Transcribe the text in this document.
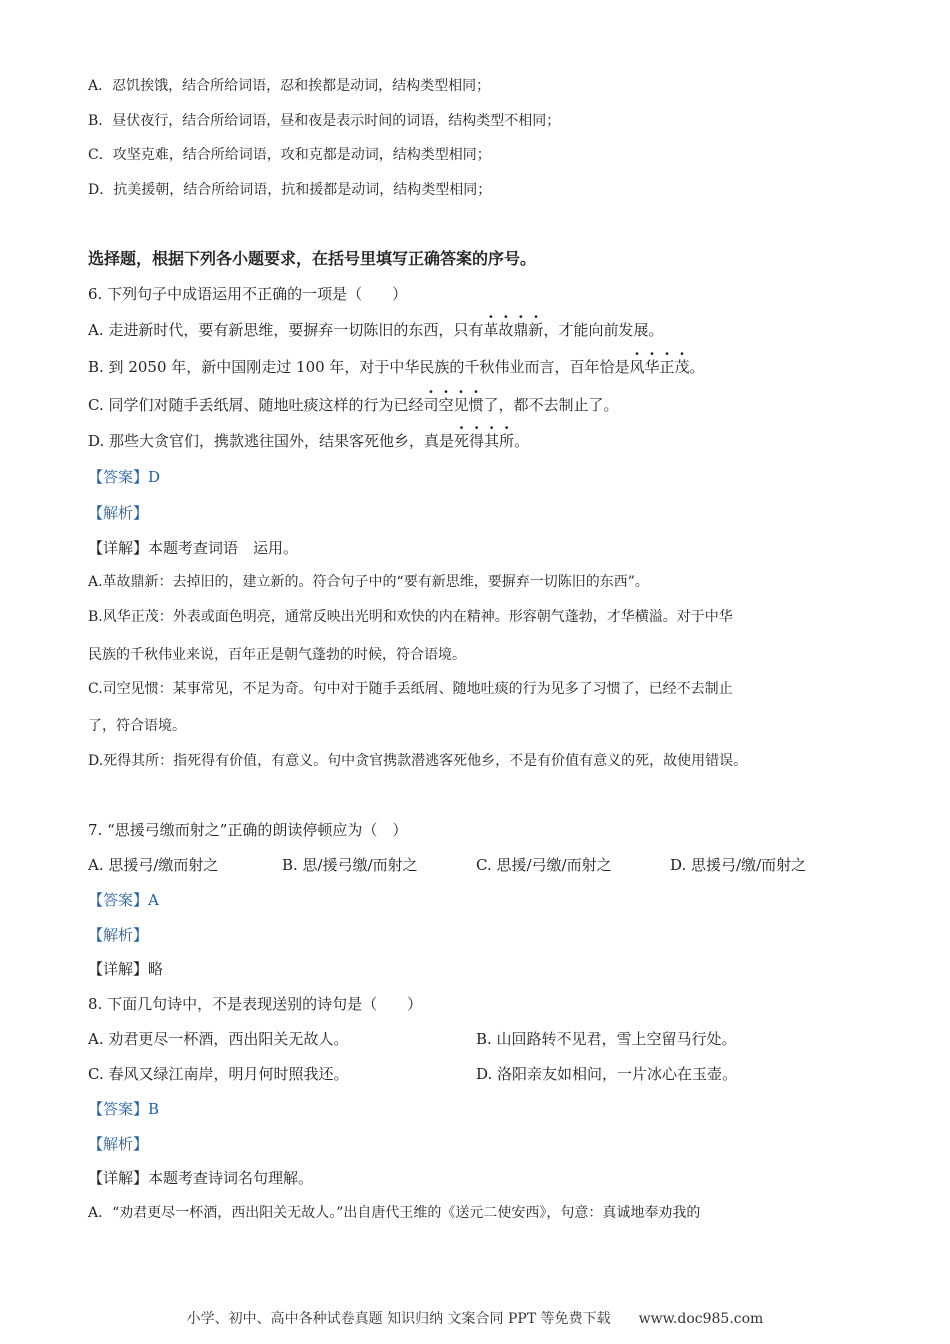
A．忍饥挨饿，结合所给词语，忍和挨都是动词，结构类型相同；
B．昼伏夜行，结合所给词语，昼和夜是表示时间的词语，结构类型不相同；
C．攻坚克难，结合所给词语，攻和克都是动词，结构类型相同；
D．抗美援朝，结合所给词语，抗和援都是动词，结构类型相同；
选择题，根据下列各小题要求，在括号里填写正确答案的序号。
6. 下列句子中成语运用不正确的一项是（　　）
A. 走进新时代，要有新思维，要摒弃一切陈旧的东西，只有革故鼎新，才能向前发展。
B. 到 2050 年，新中国刚走过 100 年，对于中华民族的千秋伟业而言，百年恰是风华正茂。
C. 同学们对随手丢纸屑、随地吐痰这样的行为已经司空见惯了，都不去制止了。
D. 那些大贪官们，携款逃往国外，结果客死他乡，真是死得其所。
【答案】D
【解析】
【详解】本题考查词语　运用。
A.革故鼎新：去掉旧的，建立新的。符合句子中的“要有新思维，要摒弃一切陈旧的东西”。
B.风华正茂：外表或面色明亮，通常反映出光明和欢快的内在精神。形容朝气蓬勃，才华横溢。对于中华
民族的千秋伟业来说，百年正是朝气蓬勃的时候，符合语境。
C.司空见惯：某事常见，不足为奇。句中对于随手丢纸屑、随地吐痰的行为见多了习惯了，已经不去制止
了，符合语境。
D.死得其所：指死得有价值，有意义。句中贪官携款潜逃客死他乡，不是有价值有意义的死，故使用错误。
7. “思援弓缴而射之”正确的朗读停顿应为（　）
A. 思援弓/缴而射之	B. 思/援弓缴/而射之	C. 思援/弓缴/而射之	D. 思援弓/缴/而射之
【答案】A
【解析】
【详解】略
8. 下面几句诗中，不是表现送别的诗句是（　　）
A. 劝君更尽一杯酒，西出阳关无故人。	B. 山回路转不见君，雪上空留马行处。
C. 春风又绿江南岸，明月何时照我还。	D. 洛阳亲友如相问，一片冰心在玉壶。
【答案】B
【解析】
【详解】本题考查诗词名句理解。
A．“劝君更尽一杯酒，西出阳关无故人。”出自唐代王维的《送元二使安西》，句意：真诚地奉劝我的
小学、初中、高中各种试卷真题 知识归纳 文案合同 PPT 等免费下载　　www.doc985.com
